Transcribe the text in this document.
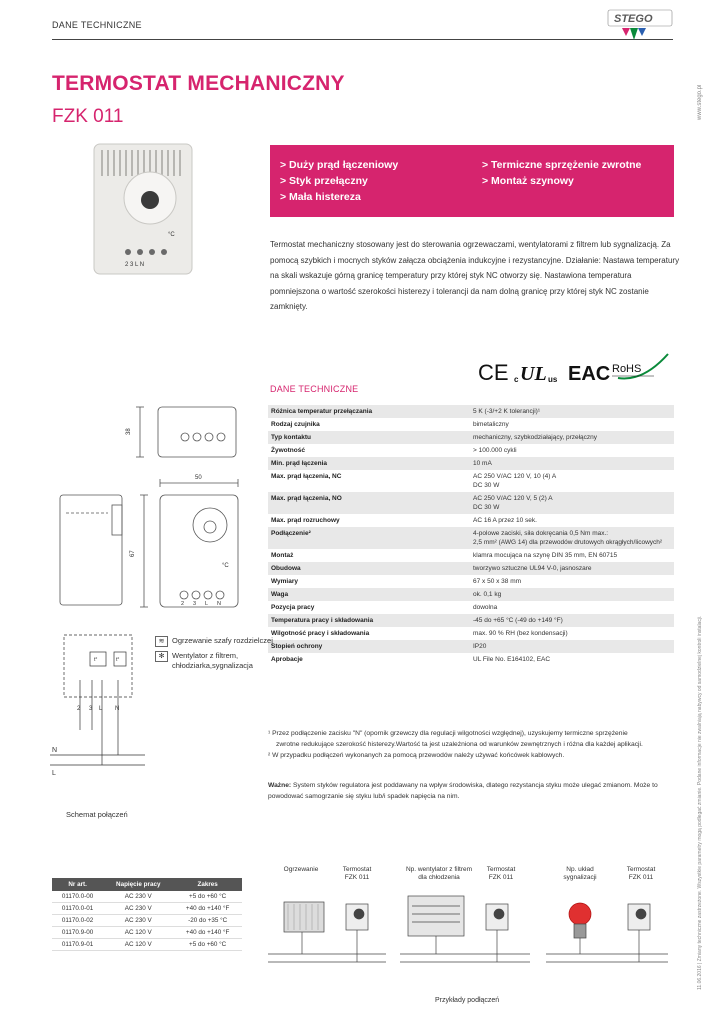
DANE TECHNICZNE	STEGO
TERMOSTAT MECHANICZNY
FZK 011	www.stego.pl
11.06.2016 | Zmiany techniczne zastrzeżone. Wszystkie parametry mogą podlegać zmianie. Podane informacje nie zwalniają nabywcy od samodzielnej kontroli instalacji.
°C
2 3 L N
> Duży prąd łączeniowy
> Styk przełączny
> Mała histereza
> Termiczne sprzężenie zwrotne
> Montaż szynowy
Termostat mechaniczny stosowany jest do sterowania ogrzewaczami, wentylatorami z filtrem lub sygnalizacją. Za pomocą szybkich i mocnych styków załącza obciążenia indukcyjne i rezystancyjne. Działanie: Nastawa temperatury na skali wskazuje górną granicę temperatury przy której styk NC otworzy się. Nastawiona temperatura pomniejszona o wartość szerokości histerezy i tolerancji da nam dolną granicę przy której styk NC zostanie zamknięty.
CE c UL us EAC RoHS
DANE TECHNICZNE
Różnica temperatur przełączania	5 K (-3/+2 K tolerancji)¹
Rodzaj czujnika	bimetaliczny
Typ kontaktu	mechaniczny, szybkodziałający, przełączny
Żywotność	> 100.000 cykli
Min. prąd łączenia	10 mA
Max. prąd łączenia, NC	AC 250 V/AC 120 V, 10 (4) A
DC 30 W

Max. prąd łączenia, NO	AC 250 V/AC 120 V, 5 (2) A
DC 30 W

Max. prąd rozruchowy	AC 16 A przez 10 sek.
Podłączenie²	4-polowe zaciski, siła dokręcania 0,5 Nm max.:
2,5 mm² (AWG 14) dla przewodów drutowych okrągłych/licowych²

Montaż	klamra mocująca na szynę DIN 35 mm, EN 60715
Obudowa	tworzywo sztuczne UL94 V-0, jasnoszare
Wymiary	67 x 50 x 38 mm
Waga	ok. 0,1 kg
Pozycja pracy	dowolna
Temperatura pracy i składowania	-45 do +65 °C (-49 do +149 °F)
Wilgotność pracy i składowania	max. 90 % RH (bez kondensacji)
Stopień ochrony	IP20
Aprobacje	UL File No. E164102, EAC
¹ Przez podłączenie zacisku "N" (opornik grzewczy dla regulacji wilgotności względnej), uzyskujemy termiczne sprzężenie
zwrotne redukujące szerokość histerezy.Wartość ta jest uzależniona od warunków zewnętrznych i różna dla każdej aplikacji.
² W przypadku podłączeń wykonanych za pomocą przewodów należy używać końcówek kablowych.
Ważne: System styków regulatora jest poddawany na wpływ środowiska, dlatego rezystancja styku może ulegać zmianom. Może to powodować samogrzanie się styku lub/i spadek napięcia na nim.
38
50
67
°C
2 3 L N
≋	Ogrzewanie szafy rozdzielczej
✻	Wentylator z filtrem,
chłodziarka,sygnalizacja
t°	t°
2 3 L N
N
L
Schemat połączeń
Nr art.	Napięcie pracy	Zakres
01170.0-00	AC 230 V	+5 do +60 °C
01170.0-01	AC 230 V	+40 do +140 °F
01170.0-02	AC 230 V	-20 do +35 °C
01170.9-00	AC 120 V	+40 do +140 °F
01170.9-01	AC 120 V	+5 do +60 °C
Ogrzewanie	Termostat
FZK 011
Np. wentylator z filtrem
dla chłodzenia
Termostat
FZK 011
Np. układ
sygnalizacji
Termostat
FZK 011
Przykłady podłączeń
